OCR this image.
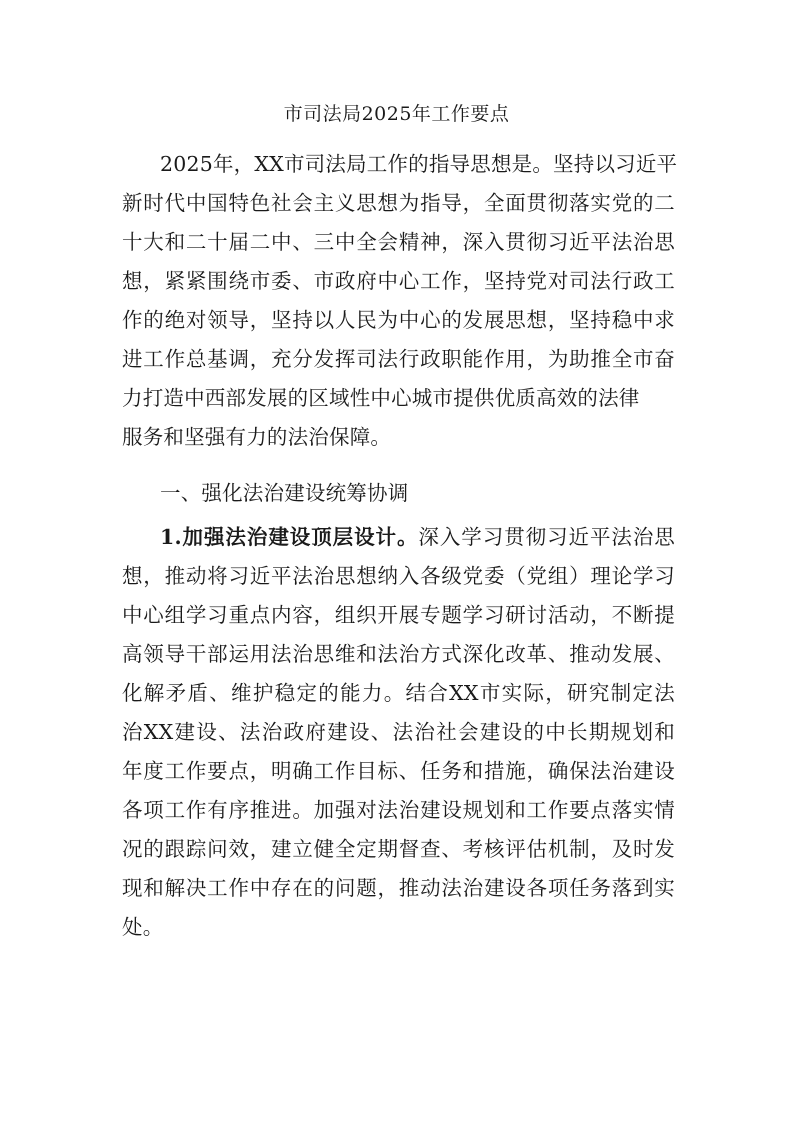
市司法局2025年工作要点
2025年，XX市司法局工作的指导思想是。坚持以习近平
新时代中国特色社会主义思想为指导，全面贯彻落实党的二
十大和二十届二中、三中全会精神，深入贯彻习近平法治思
想，紧紧围绕市委、市政府中心工作，坚持党对司法行政工
作的绝对领导，坚持以人民为中心的发展思想，坚持稳中求
进工作总基调，充分发挥司法行政职能作用，为助推全市奋
力打造中西部发展的区域性中心城市提供优质高效的法律
服务和坚强有力的法治保障。
一、强化法治建设统筹协调
1.加强法治建设顶层设计。深入学习贯彻习近平法治思
想，推动将习近平法治思想纳入各级党委（党组）理论学习
中心组学习重点内容，组织开展专题学习研讨活动，不断提
高领导干部运用法治思维和法治方式深化改革、推动发展、
化解矛盾、维护稳定的能力。结合XX市实际，研究制定法
治XX建设、法治政府建设、法治社会建设的中长期规划和
年度工作要点，明确工作目标、任务和措施，确保法治建设
各项工作有序推进。加强对法治建设规划和工作要点落实情
况的跟踪问效，建立健全定期督查、考核评估机制，及时发
现和解决工作中存在的问题，推动法治建设各项任务落到实
处。
